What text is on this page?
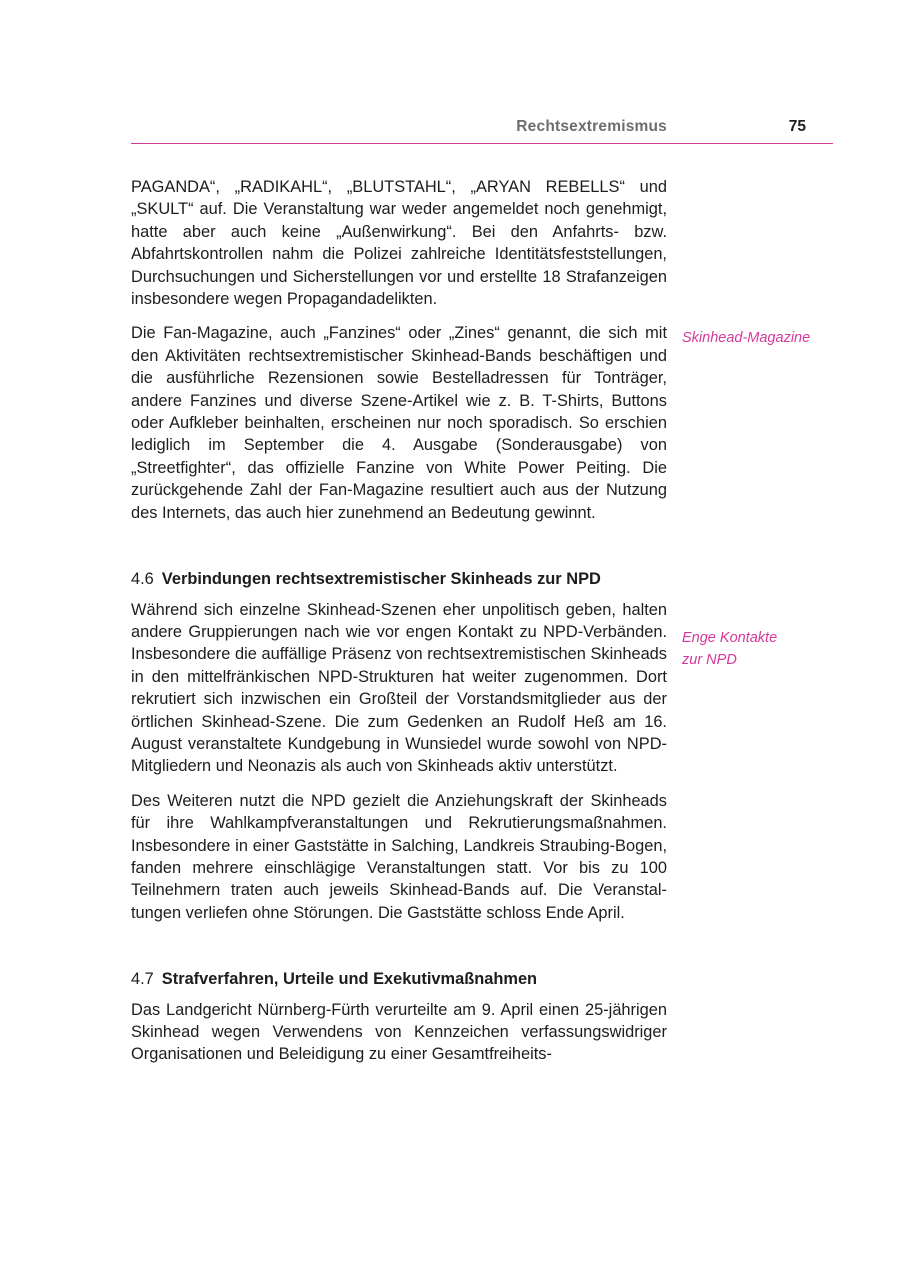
Rechtsextremismus	75

PAGANDA“, „RADIKAHL“, „BLUTSTAHL“, „ARYAN REBELLS“ und „SKULT“ auf. Die Veranstaltung war weder angemeldet noch genehmigt, hatte aber auch keine „Außenwirkung“. Bei den Anfahrts- bzw. Abfahrtskontrollen nahm die Polizei zahlreiche Identitätsfeststellungen, Durchsuchungen und Sicherstellungen vor und erstellte 18 Strafanzeigen insbesondere wegen Propagandadelikten.

Die Fan-Magazine, auch „Fanzines“ oder „Zines“ genannt, die sich mit den Aktivitäten rechtsextremistischer Skinhead-Bands beschäftigen und die ausführliche Rezensionen sowie Bestelladressen für Tonträger, andere Fanzines und diverse Szene-Artikel wie z. B. T-Shirts, Buttons oder Aufkleber beinhalten, erscheinen nur noch sporadisch. So erschien lediglich im September die 4. Ausgabe (Sonderausgabe) von „Streetfighter“, das offizielle Fanzine von White Power Peiting. Die zurückgehende Zahl der Fan-Magazine resultiert auch aus der Nutzung des Internets, das auch hier zunehmend an Bedeutung gewinnt.

4.6 Verbindungen rechtsextremistischer Skinheads zur NPD

Während sich einzelne Skinhead-Szenen eher unpolitisch geben, halten andere Gruppierungen nach wie vor engen Kontakt zu NPD-Verbänden. Insbesondere die auffällige Präsenz von rechtsextremistischen Skinheads in den mittelfränkischen NPD-Strukturen hat weiter zugenommen. Dort rekrutiert sich inzwischen ein Großteil der Vorstandsmitglieder aus der örtlichen Skinhead-Szene. Die zum Gedenken an Rudolf Heß am 16. August veranstaltete Kundgebung in Wunsiedel wurde sowohl von NPD-Mitgliedern und Neonazis als auch von Skinheads aktiv unterstützt.

Des Weiteren nutzt die NPD gezielt die Anziehungskraft der Skinheads für ihre Wahlkampfveranstaltungen und Rekrutierungsmaßnahmen. Insbesondere in einer Gaststätte in Salching, Landkreis Straubing-Bogen, fanden mehrere einschlägige Veranstaltungen statt. Vor bis zu 100 Teilnehmern traten auch jeweils Skinhead-Bands auf. Die Veranstaltungen verliefen ohne Störungen. Die Gaststätte schloss Ende April.

4.7 Strafverfahren, Urteile und Exekutivmaßnahmen

Das Landgericht Nürnberg-Fürth verurteilte am 9. April einen 25-jährigen Skinhead wegen Verwendens von Kennzeichen verfassungswidriger Organisationen und Beleidigung zu einer Gesamtfreiheits-

Skinhead-Magazine
Enge Kontakte
zur NPD
